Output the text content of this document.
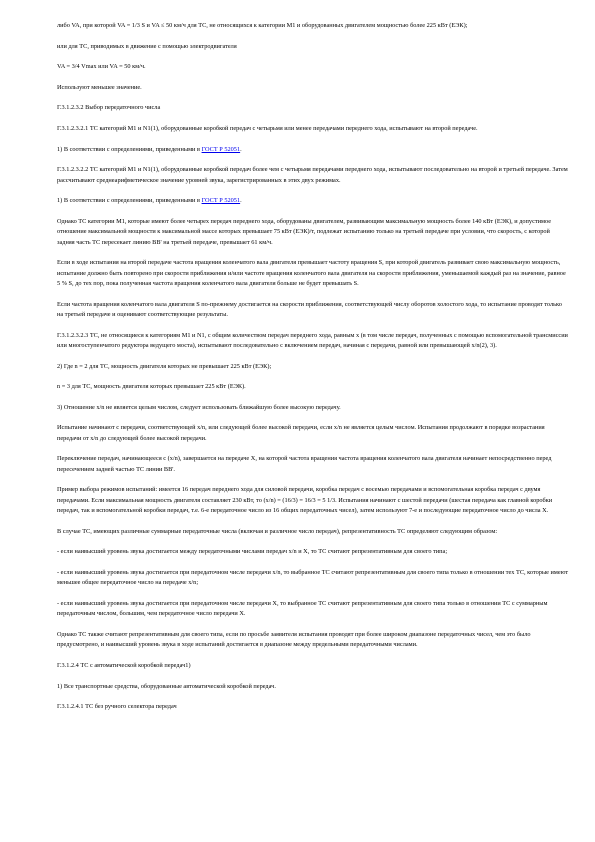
либо VA, при которой VA = 1/3 S и VA ≤ 50 км/ч для ТС, не относящихся к категории M1 и оборудованных двигателем мощностью более 225 кВт (ЕЭК);

или для ТС, приводимых в движение с помощью электродвигателя

VA = 3/4 Vmax или VA = 50 км/ч.

Используют меньшее значение.

Г.3.1.2.3.2 Выбор передаточного числа

Г.3.1.2.3.2.1 ТС категорий M1 и N1(1), оборудованные коробкой передач с четырьмя или менее передачами переднего хода, испытывают на второй передаче.

1) В соответствии с определениями, приведенными в ГОСТ Р 52051.

Г.3.1.2.3.2.2 ТС категорий M1 и N1(1), оборудованные коробкой передач более чем с четырьмя передачами переднего хода, испытывают последовательно на второй и третьей передаче. Затем рассчитывают среднеарифметическое значение уровней звука, зарегистрированных в этих двух режимах.

1) В соответствии с определениями, приведенными в ГОСТ Р 52051.

Однако ТС категории M1, которые имеют более четырех передач переднего хода, оборудованы двигателем, развивающим максимальную мощность более 140 кВт (ЕЭК), и допустимое отношение максимальной мощности к максимальной массе которых превышает 75 кВт (ЕЭК)/т, подлежат испытанию только на третьей передаче при условии, что скорость, с которой задняя часть ТС пересекает линию BB' на третьей передаче, превышает 61 км/ч.

Если в ходе испытания на второй передаче частота вращения коленчатого вала двигателя превышает частоту вращения S, при которой двигатель развивает свою максимальную мощность, испытание должно быть повторено при скорости приближения и/или частоте вращения коленчатого вала двигателя на скорости приближения, уменьшаемой каждый раз на значение, равное 5 % S, до тех пор, пока полученная частота вращения коленчатого вала двигателя больше не будет превышать S.

Если частота вращения коленчатого вала двигателя S по-прежнему достигается на скорости приближения, соответствующей числу оборотов холостого хода, то испытание проводят только на третьей передаче и оценивают соответствующие результаты.

Г.3.1.2.3.2.3 ТС, не относящиеся к категориям M1 и N1, с общим количеством передач переднего хода, равным x (в том числе передач, полученных с помощью вспомогательной трансмиссии или многоступенчатого редуктора ведущего моста), испытывают последовательно с включением передач, начиная с передачи, равной или превышающей x/n(2), 3).

2) Где n = 2 для ТС, мощность двигателя которых не превышает 225 кВт (ЕЭК);

n = 3 для ТС, мощность двигателя которых превышает 225 кВт (ЕЭК).

3) Отношение x/n не является целым числом, следует использовать ближайшую более высокую передачу.

Испытание начинают с передачи, соответствующей x/n, или следующей более высокой передачи, если x/n не является целым числом. Испытания продолжают в порядке возрастания передачи от x/n до следующей более высокой передачи.

Переключение передач, начинающееся с (x/n), завершается на передаче X, на которой частота вращения частота вращения коленчатого вала двигателя начинает непосредственно перед пересечением задней частью ТС линии BB'.

Пример выбора режимов испытаний: имеется 16 передач переднего хода для силовой передачи, коробка передач с восемью передачами и вспомогательная коробка передач с двумя передачами. Если максимальная мощность двигателя составляет 230 кВт, то (x/n) = (16/3) = 16/3 = 5 1/3. Испытания начинают с шестой передачи (шестая передача как главной коробки передач, так и вспомогательной коробки передач, т.е. 6-е передаточное число из 16 общих передаточных чисел), затем используют 7-е и последующие передаточное число до числа X.

В случае ТС, имеющих различные суммарные передаточные числа (включая и различное число передач), репрезентативность ТС определяют следующим образом:

- если наивысший уровень звука достигается между передаточными числами передач x/n и X, то ТС считают репрезентативным для своего типа;

- если наивысший уровень звука достигается при передаточном числе передачи x/n, то выбранное ТС считают репрезентативным для своего типа только в отношении тех ТС, которые имеют меньшее общее передаточное число на передаче x/n;

- если наивысший уровень звука достигается при передаточном числе передачи X, то выбранное ТС считают репрезентативным для своего типа только в отношении ТС с суммарным передаточным числом, большим, чем передаточное число передачи X.

Однако ТС также считают репрезентативным для своего типа, если по просьбе заявителя испытания проводят при более широком диапазоне передаточных чисел, чем это было предусмотрено, и наивысший уровень звука в ходе испытаний достигается в диапазоне между предельными передаточными числами.

Г.3.1.2.4 ТС с автоматической коробкой передач1)

1) Все транспортные средства, оборудованные автоматической коробкой передач.

Г.3.1.2.4.1 ТС без ручного селектора передач
